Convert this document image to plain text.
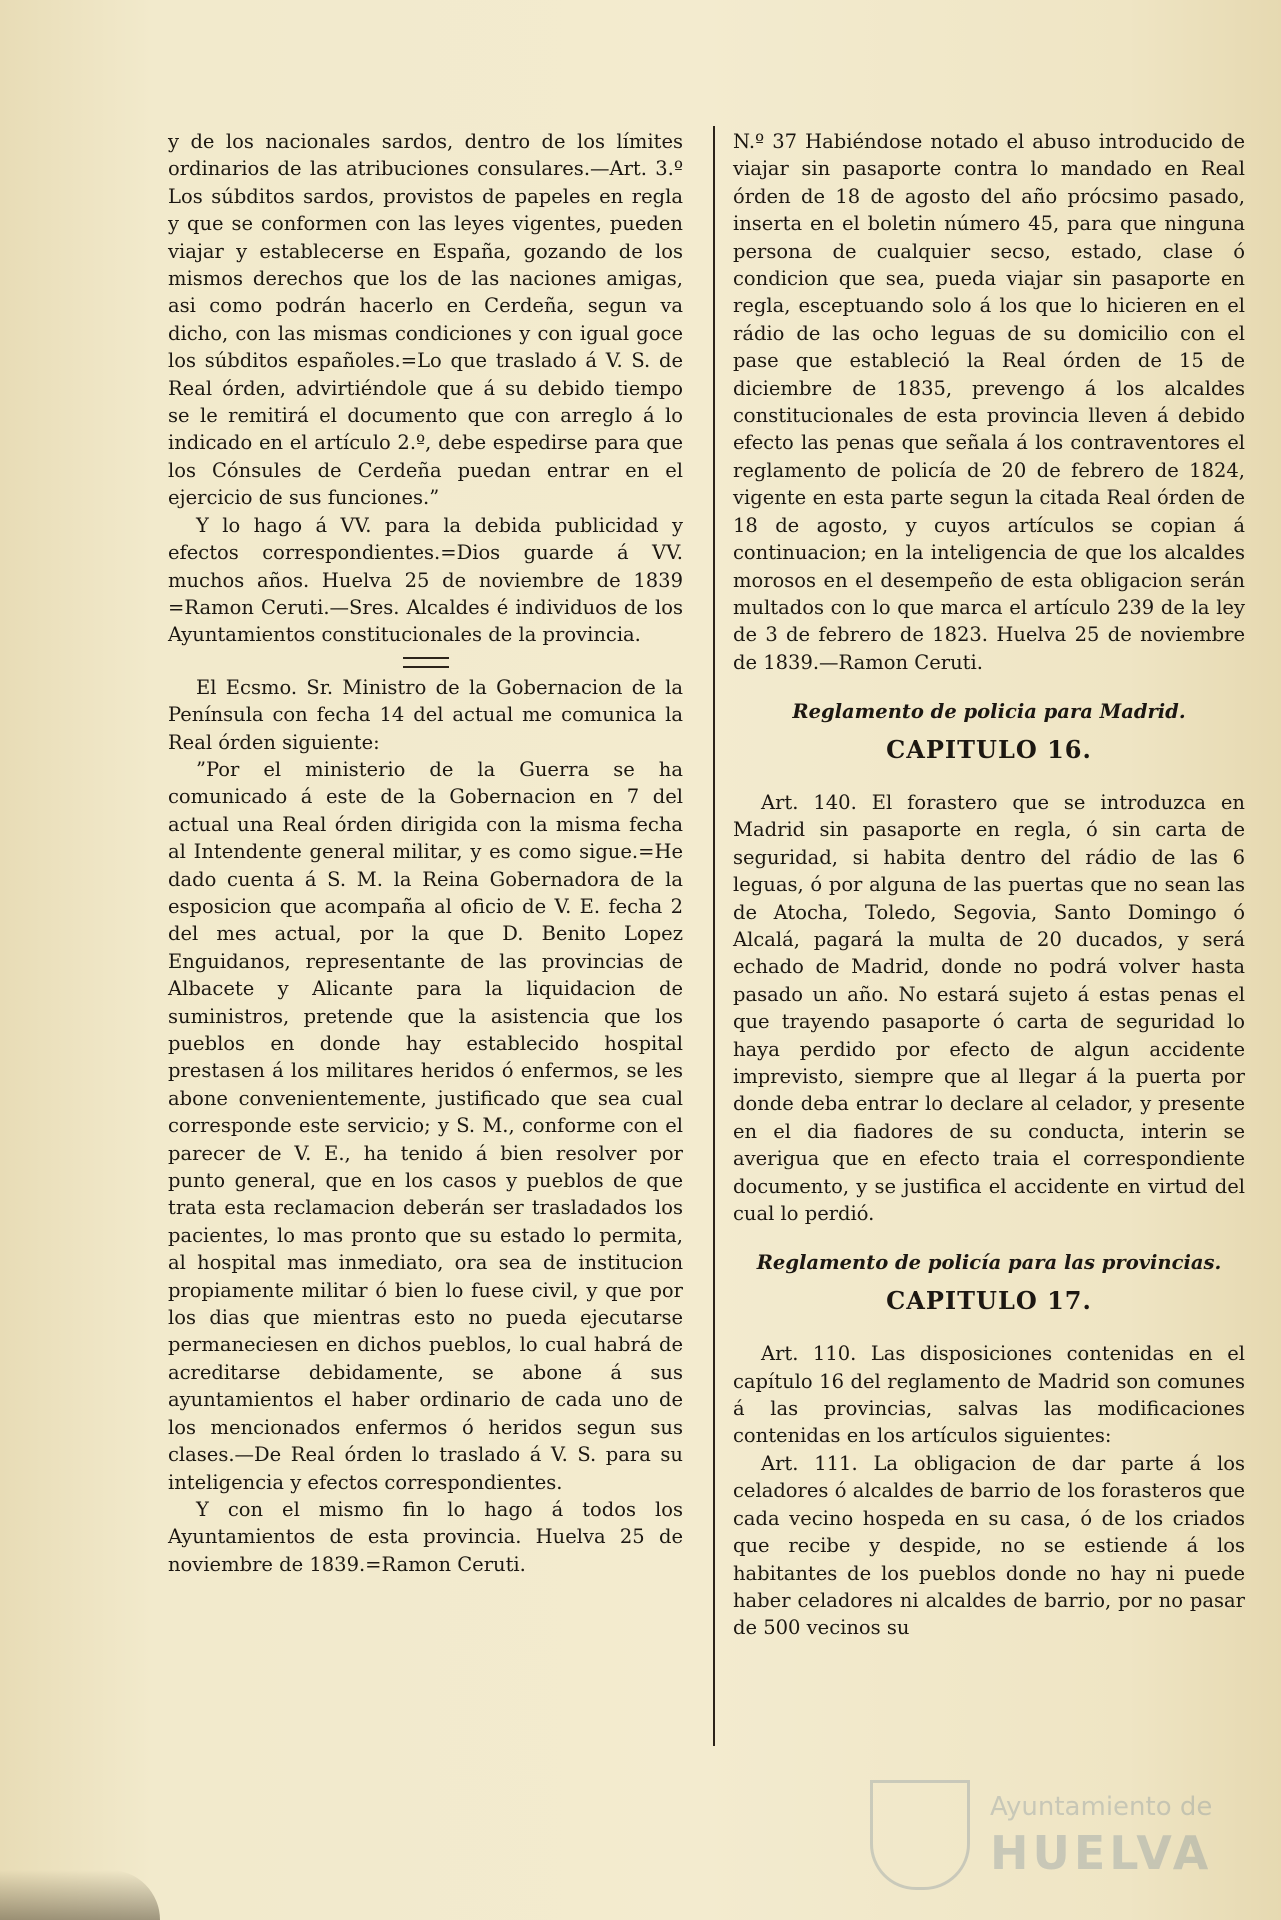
y de los nacionales sardos, dentro de los límites ordinarios de las atribuciones consulares.—Art. 3.º Los súbditos sardos, provistos de papeles en regla y que se conformen con las leyes vigentes, pueden viajar y establecerse en España, gozando de los mismos derechos que los de las naciones amigas, asi como podrán hacerlo en Cerdeña, segun va dicho, con las mismas condiciones y con igual goce los súbditos españoles.=Lo que traslado á V. S. de Real órden, advirtiéndole que á su debido tiempo se le remitirá el documento que con arreglo á lo indicado en el artículo 2.º, debe espedirse para que los Cónsules de Cerdeña puedan entrar en el ejercicio de sus funciones.”

Y lo hago á VV. para la debida publicidad y efectos correspondientes.=Dios guarde á VV. muchos años. Huelva 25 de noviembre de 1839 =Ramon Ceruti.—Sres. Alcaldes é individuos de los Ayuntamientos constitucionales de la provincia.

El Ecsmo. Sr. Ministro de la Gobernacion de la Península con fecha 14 del actual me comunica la Real órden siguiente:

”Por el ministerio de la Guerra se ha comunicado á este de la Gobernacion en 7 del actual una Real órden dirigida con la misma fecha al Intendente general militar, y es como sigue.=He dado cuenta á S. M. la Reina Gobernadora de la esposicion que acompaña al oficio de V. E. fecha 2 del mes actual, por la que D. Benito Lopez Enguidanos, representante de las provincias de Albacete y Alicante para la liquidacion de suministros, pretende que la asistencia que los pueblos en donde hay establecido hospital prestasen á los militares heridos ó enfermos, se les abone convenientemente, justificado que sea cual corresponde este servicio; y S. M., conforme con el parecer de V. E., ha tenido á bien resolver por punto general, que en los casos y pueblos de que trata esta reclamacion deberán ser trasladados los pacientes, lo mas pronto que su estado lo permita, al hospital mas inmediato, ora sea de institucion propiamente militar ó bien lo fuese civil, y que por los dias que mientras esto no pueda ejecutarse permaneciesen en dichos pueblos, lo cual habrá de acreditarse debidamente, se abone á sus ayuntamientos el haber ordinario de cada uno de los mencionados enfermos ó heridos segun sus clases.—De Real órden lo traslado á V. S. para su inteligencia y efectos correspondientes.

Y con el mismo fin lo hago á todos los Ayuntamientos de esta provincia. Huelva 25 de noviembre de 1839.=Ramon Ceruti.

N.º 37 Habiéndose notado el abuso introducido de viajar sin pasaporte contra lo mandado en Real órden de 18 de agosto del año prócsimo pasado, inserta en el boletin número 45, para que ninguna persona de cualquier secso, estado, clase ó condicion que sea, pueda viajar sin pasaporte en regla, esceptuando solo á los que lo hicieren en el rádio de las ocho leguas de su domicilio con el pase que estableció la Real órden de 15 de diciembre de 1835, prevengo á los alcaldes constitucionales de esta provincia lleven á debido efecto las penas que señala á los contraventores el reglamento de policía de 20 de febrero de 1824, vigente en esta parte segun la citada Real órden de 18 de agosto, y cuyos artículos se copian á continuacion; en la inteligencia de que los alcaldes morosos en el desempeño de esta obligacion serán multados con lo que marca el artículo 239 de la ley de 3 de febrero de 1823. Huelva 25 de noviembre de 1839.—Ramon Ceruti.

Reglamento de policia para Madrid.

CAPITULO 16.

Art. 140. El forastero que se introduzca en Madrid sin pasaporte en regla, ó sin carta de seguridad, si habita dentro del rádio de las 6 leguas, ó por alguna de las puertas que no sean las de Atocha, Toledo, Segovia, Santo Domingo ó Alcalá, pagará la multa de 20 ducados, y será echado de Madrid, donde no podrá volver hasta pasado un año. No estará sujeto á estas penas el que trayendo pasaporte ó carta de seguridad lo haya perdido por efecto de algun accidente imprevisto, siempre que al llegar á la puerta por donde deba entrar lo declare al celador, y presente en el dia fiadores de su conducta, interin se averigua que en efecto traia el correspondiente documento, y se justifica el accidente en virtud del cual lo perdió.

Reglamento de policía para las provincias.

CAPITULO 17.

Art. 110. Las disposiciones contenidas en el capítulo 16 del reglamento de Madrid son comunes á las provincias, salvas las modificaciones contenidas en los artículos siguientes:

Art. 111. La obligacion de dar parte á los celadores ó alcaldes de barrio de los forasteros que cada vecino hospeda en su casa, ó de los criados que recibe y despide, no se estiende á los habitantes de los pueblos donde no hay ni puede haber celadores ni alcaldes de barrio, por no pasar de 500 vecinos su

Ayuntamiento de
HUELVA
